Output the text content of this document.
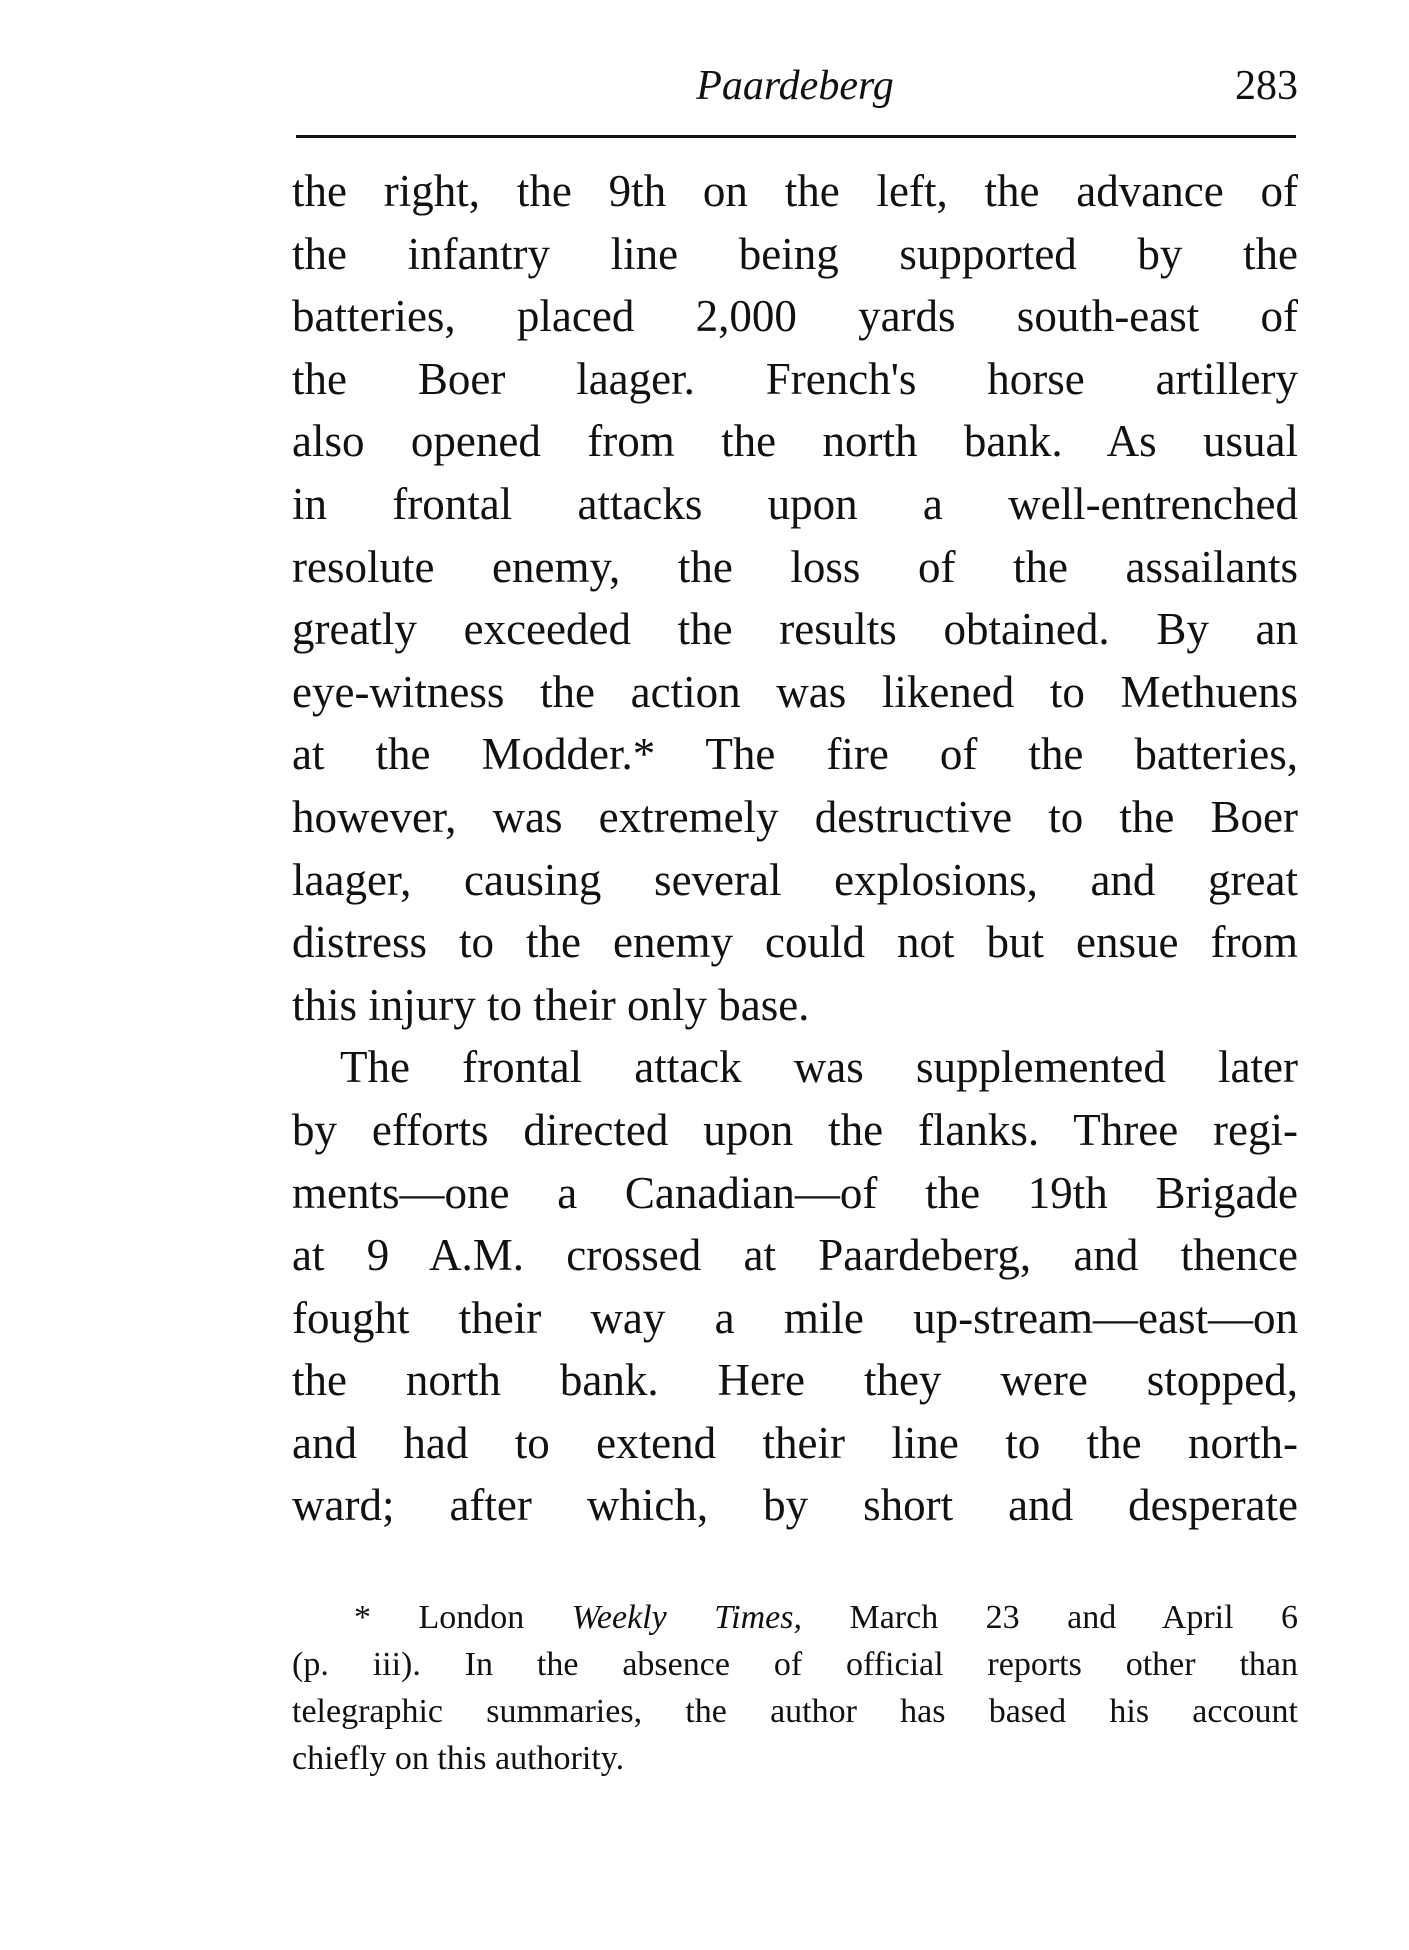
Paardeberg	283
the right, the 9th on the left, the advance of
the infantry line being supported by the
batteries, placed 2,000 yards south-east of
the Boer laager. French's horse artillery
also opened from the north bank. As usual
in frontal attacks upon a well-entrenched
resolute enemy, the loss of the assailants
greatly exceeded the results obtained. By an
eye-witness the action was likened to Methuens
at the Modder.* The fire of the batteries,
however, was extremely destructive to the Boer
laager, causing several explosions, and great
distress to the enemy could not but ensue from
this injury to their only base.
The frontal attack was supplemented later
by efforts directed upon the flanks. Three regi-
ments—one a Canadian—of the 19th Brigade
at 9 A.M. crossed at Paardeberg, and thence
fought their way a mile up-stream—east—on
the north bank. Here they were stopped,
and had to extend their line to the north-
ward; after which, by short and desperate
* London Weekly Times, March 23 and April 6
(p. iii). In the absence of official reports other than
telegraphic summaries, the author has based his account
chiefly on this authority.
